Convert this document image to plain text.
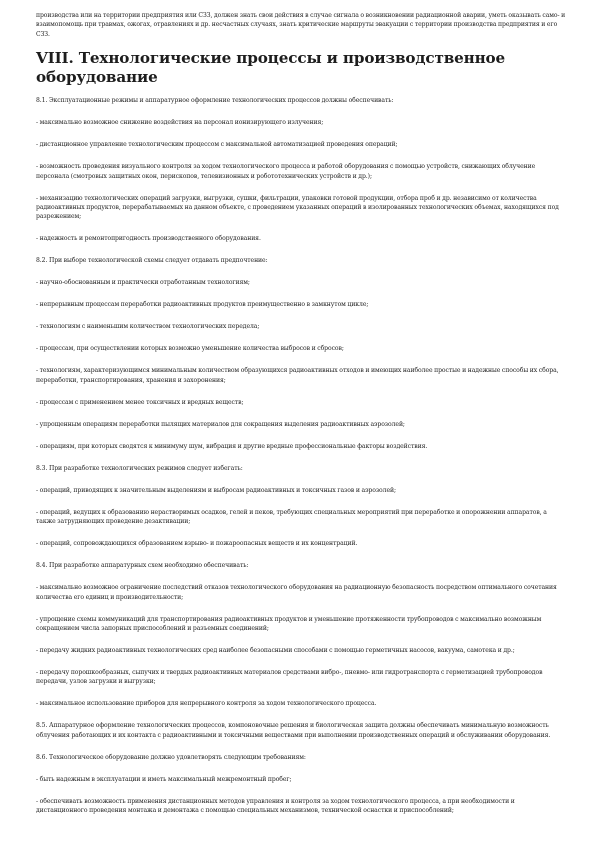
производства или на территории предприятия или СЗЗ, должен знать свои действия в случае сигнала о возникновении радиационной аварии, уметь оказывать само- и взаимопомощь при травмах, ожогах, отравлениях и др. несчастных случаях, знать критические маршруты эвакуации с территории производства предприятия и его СЗЗ.

VIII. Технологические процессы и производственное оборудование

8.1. Эксплуатационные режимы и аппаратурное оформление технологических процессов должны обеспечивать:

- максимально возможное снижение воздействия на персонал ионизирующего излучения;

- дистанционное управление технологическим процессом с максимальной автоматизацией проведения операций;

- возможность проведения визуального контроля за ходом технологического процесса и работой оборудования с помощью устройств, снижающих облучение персонала (смотровых защитных окон, перископов, телевизионных и робототехнических устройств и др.);

- механизацию технологических операций загрузки, выгрузки, сушки, фильтрации, упаковки готовой продукции, отбора проб и др. независимо от количества радиоактивных продуктов, перерабатываемых на данном объекте, с проведением указанных операций в изолированных технологических объемах, находящихся под разрежением;

- надежность и ремонтопригодность производственного оборудования.

8.2. При выборе технологической схемы следует отдавать предпочтение:

- научно-обоснованным и практически отработанным технологиям;

- непрерывным процессам переработки радиоактивных продуктов преимущественно в замкнутом цикле;

- технологиям с наименьшим количеством технологических передела;

- процессам, при осуществлении которых возможно уменьшение количества выбросов и сбросов;

- технологиям, характеризующимся минимальным количеством образующихся радиоактивных отходов и имеющих наиболее простые и надежные способы их сбора, переработки, транспортирования, хранения и захоронения;

- процессам с применением менее токсичных и вредных веществ;

- упрощенным операциям переработки пылящих материалов для сокращения выделения радиоактивных аэрозолей;

- операциям, при которых сводятся к минимуму шум, вибрация и другие вредные профессиональные факторы воздействия.

8.3. При разработке технологических режимов следует избегать:

- операций, приводящих к значительным выделениям и выбросам радиоактивных и токсичных газов и аэрозолей;

- операций, ведущих к образованию нерастворимых осадков, гелей и пеков, требующих специальных мероприятий при переработке и опорожнении аппаратов, а также затрудняющих проведение дезактивации;

- операций, сопровождающихся образованием взрыво- и пожароопасных веществ и их концентраций.

8.4. При разработке аппаратурных схем необходимо обеспечивать:

- максимально возможное ограничение последствий отказов технологического оборудования на радиационную безопасность посредством оптимального сочетания количества его единиц и производительности;

- упрощение схемы коммуникаций для транспортирования радиоактивных продуктов и уменьшение протяженности трубопроводов с максимально возможным сокращением числа запорных приспособлений и разъемных соединений;

- передачу жидких радиоактивных технологических сред наиболее безопасными способами с помощью герметичных насосов, вакуума, самотека и др.;

- передачу порошкообразных, сыпучих и твердых радиоактивных материалов средствами вибро-, пневмо- или гидротранспорта с герметизацией трубопроводов передачи, узлов загрузки и выгрузки;

- максимальное использование приборов для непрерывного контроля за ходом технологического процесса.

8.5. Аппаратурное оформление технологических процессов, компоновочные решения и биологическая защита должны обеспечивать минимальную возможность облучения работающих и их контакта с радиоактивными и токсичными веществами при выполнении производственных операций и обслуживании оборудования.

8.6. Технологическое оборудование должно удовлетворять следующим требованиям:

- быть надежным в эксплуатации и иметь максимальный межремонтный пробег;

- обеспечивать возможность применения дистанционных методов управления и контроля за ходом технологического процесса, а при необходимости и дистанционного проведения монтажа и демонтажа с помощью специальных механизмов, технической оснастки и приспособлений;
